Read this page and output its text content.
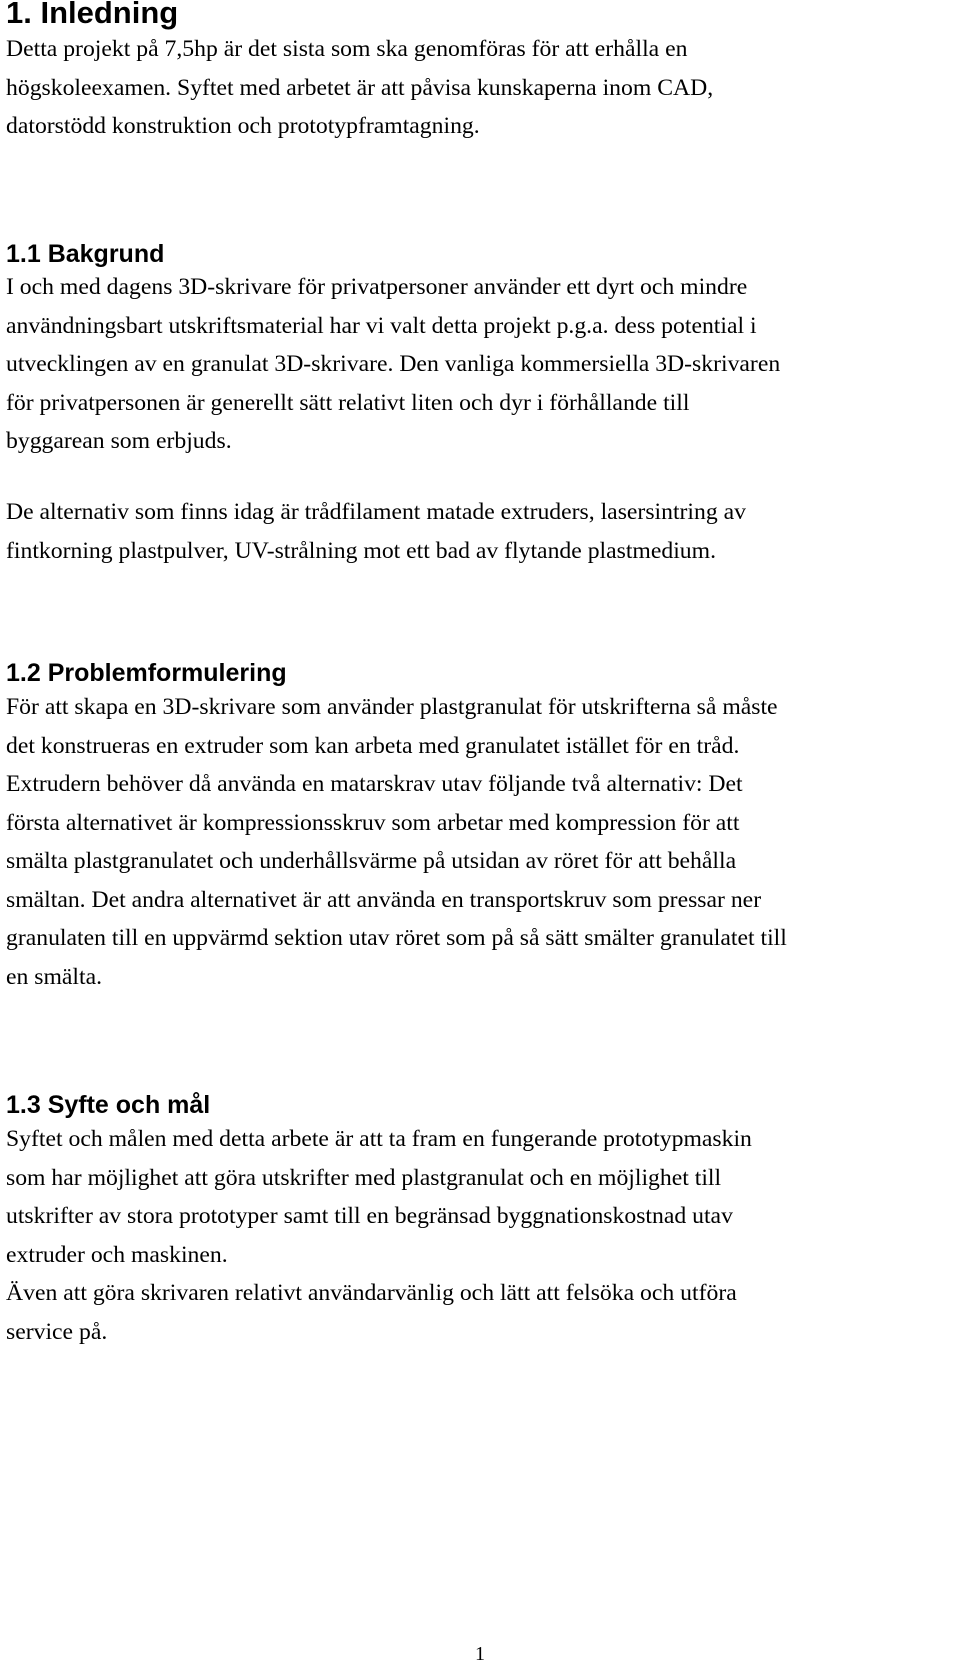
1. Inledning

Detta projekt på 7,5hp är det sista som ska genomföras för att erhålla en
högskoleexamen. Syftet med arbetet är att påvisa kunskaperna inom CAD,
datorstödd konstruktion och prototypframtagning.

1.1 Bakgrund

I och med dagens 3D-skrivare för privatpersoner använder ett dyrt och mindre
användningsbart utskriftsmaterial har vi valt detta projekt p.g.a. dess potential i
utvecklingen av en granulat 3D-skrivare. Den vanliga kommersiella 3D-skrivaren
för privatpersonen är generellt sätt relativt liten och dyr i förhållande till
byggarean som erbjuds.

De alternativ som finns idag är trådfilament matade extruders, lasersintring av
fintkorning plastpulver, UV-strålning mot ett bad av flytande plastmedium.

1.2 Problemformulering

För att skapa en 3D-skrivare som använder plastgranulat för utskrifterna så måste
det konstrueras en extruder som kan arbeta med granulatet istället för en tråd.
Extrudern behöver då använda en matarskrav utav följande två alternativ: Det
första alternativet är kompressionsskruv som arbetar med kompression för att
smälta plastgranulatet och underhållsvärme på utsidan av röret för att behålla
smältan. Det andra alternativet är att använda en transportskruv som pressar ner
granulaten till en uppvärmd sektion utav röret som på så sätt smälter granulatet till
en smälta.

1.3 Syfte och mål

Syftet och målen med detta arbete är att ta fram en fungerande prototypmaskin
som har möjlighet att göra utskrifter med plastgranulat och en möjlighet till
utskrifter av stora prototyper samt till en begränsad byggnationskostnad utav
extruder och maskinen.

Även att göra skrivaren relativt användarvänlig och lätt att felsöka och utföra
service på.

1
